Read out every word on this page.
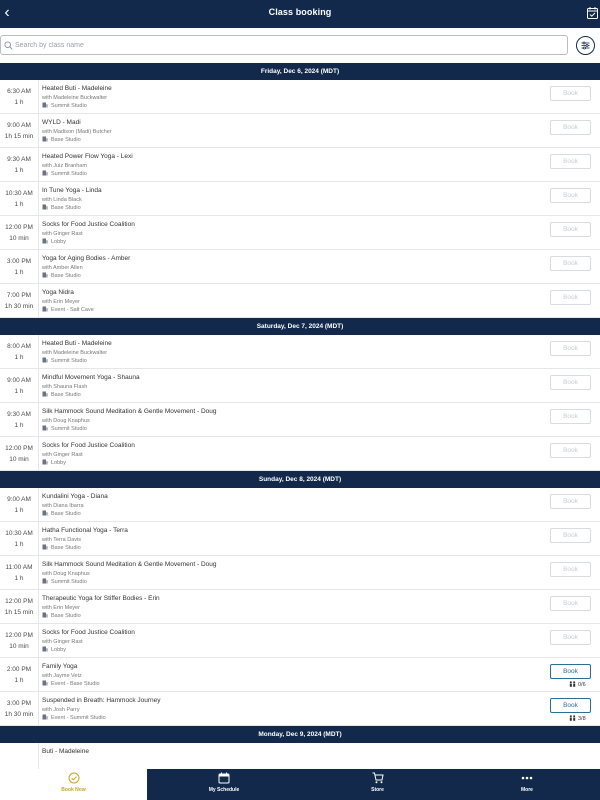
‹	Class booking
Search by class name
Friday, Dec 6, 2024 (MDT)
6:30 AM
1 h
Heated Buti - Madeleine
with Madeleine Buckwalter
Summit Studio
Book
9:00 AM
1h 15 min
WYLD - Madi
with Madison (Madi) Butcher
Base Studio
Book
9:30 AM
1 h
Heated Power Flow Yoga - Lexi
with Juiz Branham
Summit Studio
Book
10:30 AM
1 h
In Tune Yoga - Linda
with Linda Black
Base Studio
Book
12:00 PM
10 min
Socks for Food Justice Coalition
with Ginger Rast
Lobby
Book
3:00 PM
1 h
Yoga for Aging Bodies - Amber
with Amber Allen
Base Studio
Book
7:00 PM
1h 30 min
Yoga Nidra
with Erin Meyer
Event - Salt Cave
Book
Saturday, Dec 7, 2024 (MDT)
8:00 AM
1 h
Heated Buti - Madeleine
with Madeleine Buckwalter
Summit Studio
Book
9:00 AM
1 h
Mindful Movement Yoga - Shauna
with Shauna Flash
Base Studio
Book
9:30 AM
1 h
Silk Hammock Sound Meditation & Gentle Movement - Doug
with Doug Knaphus
Summit Studio
Book
12:00 PM
10 min
Socks for Food Justice Coalition
with Ginger Rast
Lobby
Book
Sunday, Dec 8, 2024 (MDT)
9:00 AM
1 h
Kundalini Yoga - Diana
with Diana Ibarra
Base Studio
Book
10:30 AM
1 h
Hatha Functional Yoga - Terra
with Terra Davis
Base Studio
Book
11:00 AM
1 h
Silk Hammock Sound Meditation & Gentle Movement - Doug
with Doug Knaphus
Summit Studio
Book
12:00 PM
1h 15 min
Therapeutic Yoga for Stiffer Bodies - Erin
with Erin Meyer
Base Studio
Book
12:00 PM
10 min
Socks for Food Justice Coalition
with Ginger Rast
Lobby
Book
2:00 PM
1 h
Family Yoga
with Jayme Vetz
Event - Base Studio
Book
0/6
3:00 PM
1h 30 min
Suspended in Breath: Hammock Journey
with Josh Parry
Event - Summit Studio
Book
3/8
Monday, Dec 9, 2024 (MDT)
Buti - Madeleine
Book Now	My Schedule	Store	More
